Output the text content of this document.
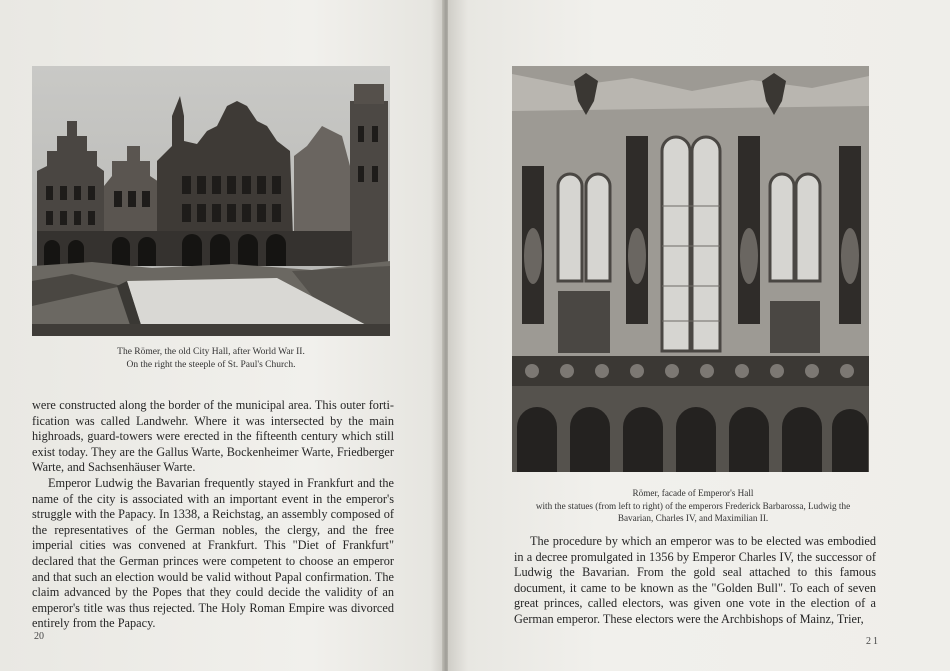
The Römer, the old City Hall, after World War II.
On the right the steeple of St. Paul's Church.

were constructed along the border of the municipal area. This outer fortification was called Landwehr. Where it was intersected by the main highroads, guard-towers were erected in the fifteenth century which still exist today. They are the Gallus Warte, Bockenheimer Warte, Friedberger Warte, and Sachsenhäuser Warte.

Emperor Ludwig the Bavarian frequently stayed in Frankfurt and the name of the city is associated with an important event in the emperor's struggle with the Papacy. In 1338, a Reichstag, an assembly composed of the representatives of the German nobles, the clergy, and the free imperial cities was convened at Frankfurt. This "Diet of Frankfurt" declared that the German princes were competent to choose an emperor and that such an election would be valid without Papal confirmation. The claim advanced by the Popes that they could decide the validity of an emperor's title was thus rejected. The Holy Roman Empire was divorced entirely from the Papacy.

20
Römer, facade of Emperor's Hall
with the statues (from left to right) of the emperors Frederick Barbarossa, Ludwig the
Bavarian, Charles IV, and Maximilian II.

The procedure by which an emperor was to be elected was embodied in a decree promulgated in 1356 by Emperor Charles IV, the successor of Ludwig the Bavarian. From the gold seal attached to this famous document, it came to be known as the "Golden Bull". To each of seven great princes, called electors, was given one vote in the election of a German emperor. These electors were the Archbishops of Mainz, Trier,

21
